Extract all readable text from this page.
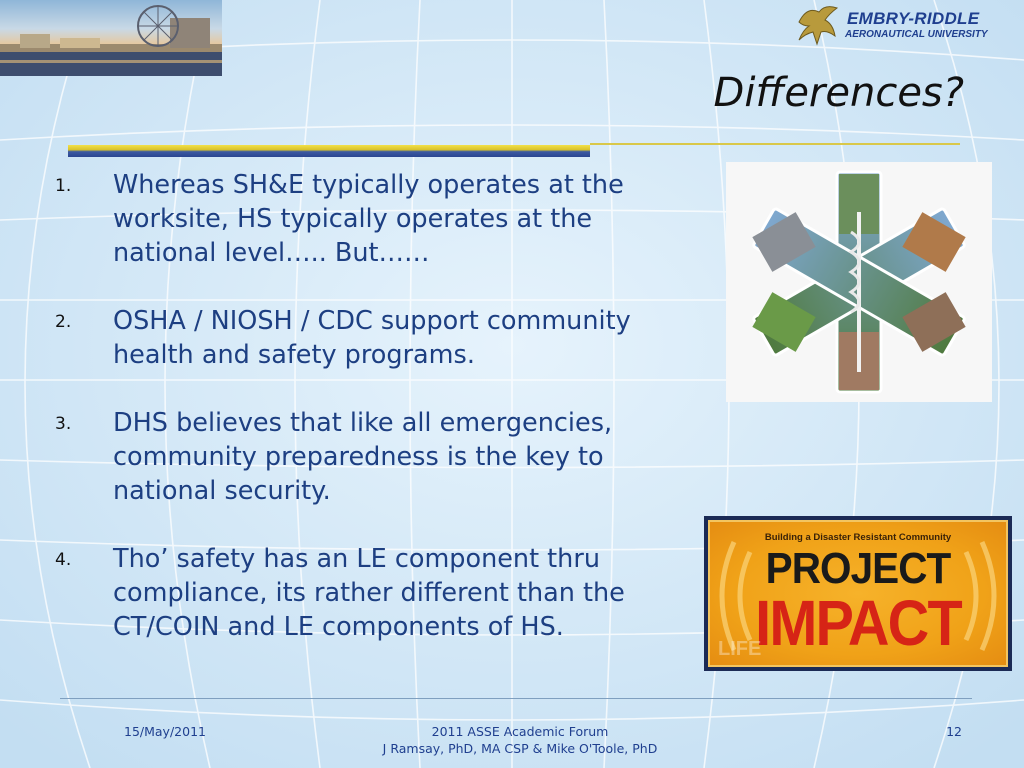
EMBRY-RIDDLE
AERONAUTICAL UNIVERSITY
Differences?
1.	Whereas SH&E typically operates at the worksite, HS typically operates at the national level….. But……
2.	OSHA / NIOSH / CDC support community health and safety programs.
3.	DHS believes that like all emergencies, community preparedness is the key to national security.
4.	Tho’ safety has an LE component thru compliance, its rather different than the CT/COIN and LE components of HS.
Building a Disaster Resistant Community
PROJECT
IMPACT
LIFE
15/May/2011	2011 ASSE Academic Forum
J Ramsay, PhD, MA CSP & Mike O'Toole, PhD
12
